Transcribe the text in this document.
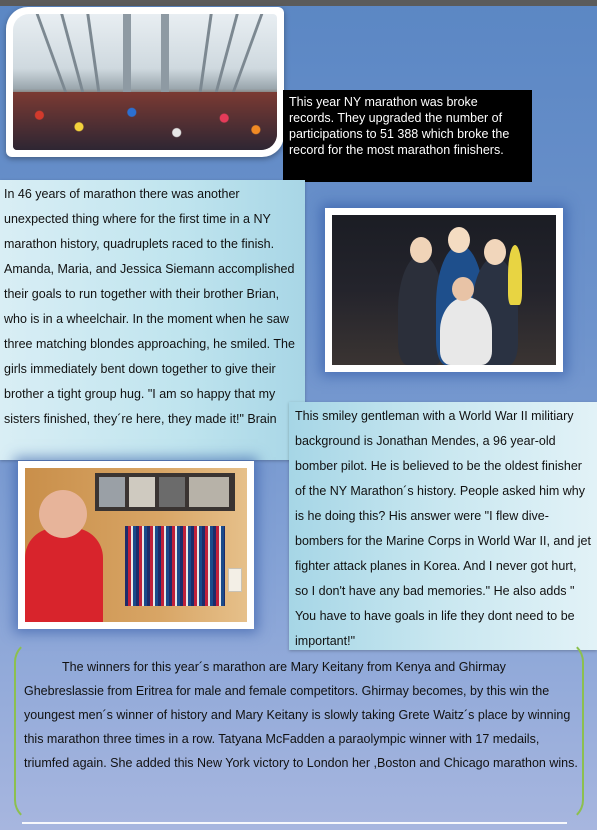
This year NY marathon was broke records. They upgraded the number of participations to 51 388 which broke the record for the most marathon finishers.
In 46 years of marathon there was another unexpected thing where for the first time in a NY marathon history, quadruplets raced to the finish. Amanda, Maria, and Jessica Siemann accomplished their goals to run together with their brother Brian, who is in a wheelchair. In the moment when he saw three matching blondes approaching, he smiled. The girls immediately bent down together to give their brother a tight group hug. "I am so happy that my sisters finished, they´re here, they made it!" Brain	This smiley gentleman with a World War II militiary background is Jonathan Mendes, a 96 year-old bomber pilot. He is believed to be the oldest finisher of the NY Marathon´s history. People asked him why is he doing this? His answer were "I flew dive-bombers for the Marine Corps in World War II, and jet fighter attack planes in Korea. And I never got hurt, so I don't have any bad memories." He also adds " You have to have goals in life they dont need to be important!"
The winners for this year´s marathon are Mary Keitany from Kenya and Ghirmay Ghebreslassie from Eritrea for male and female competitors. Ghirmay becomes, by this win the youngest men´s winner of history and Mary Keitany is slowly taking Grete Waitz´s place by winning this marathon three times in a row. Tatyana McFadden a paraolympic winner with 17 medails, triumfed again. She added this New York victory to London her ,Boston and Chicago marathon wins.
